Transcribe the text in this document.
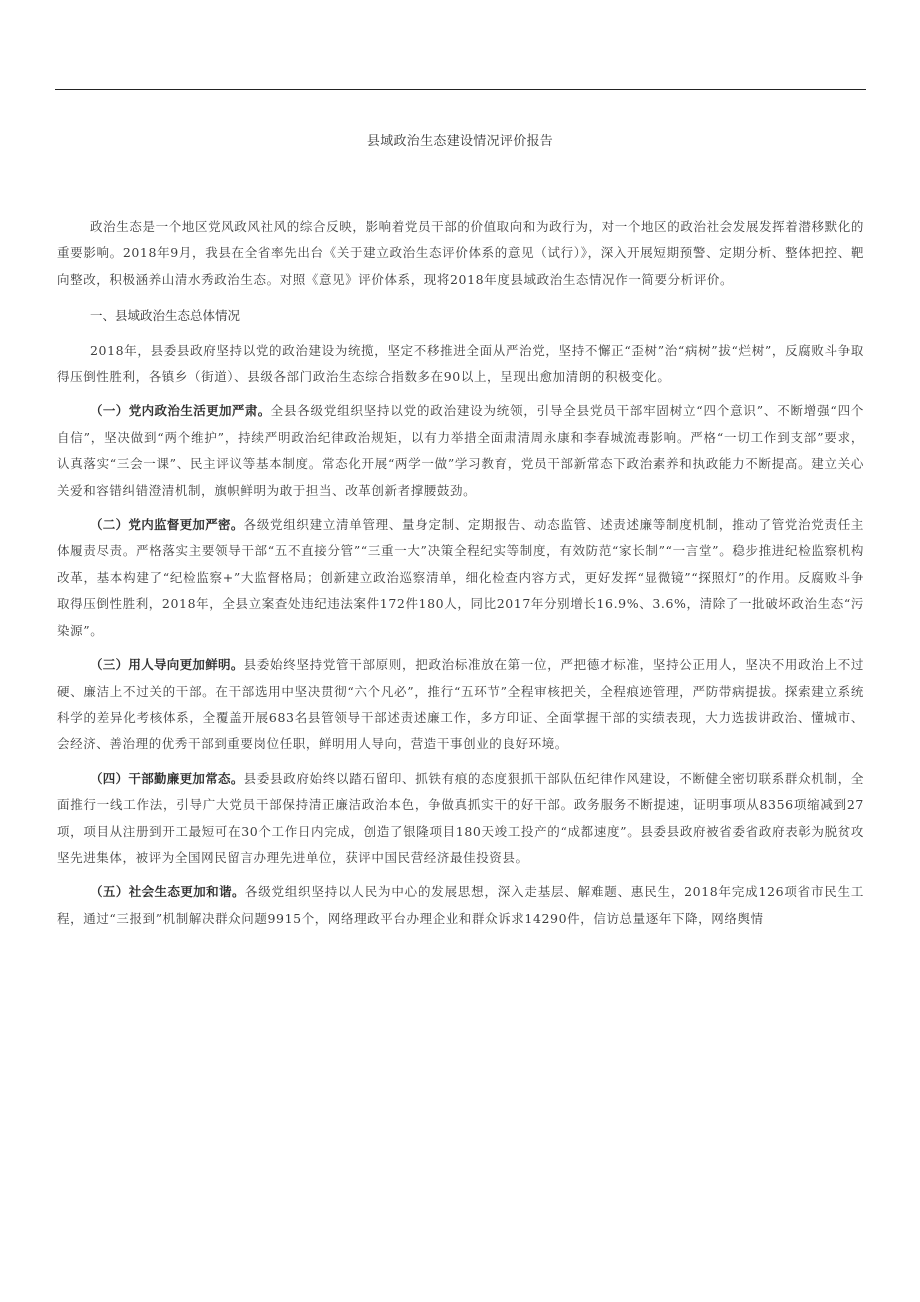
县域政治生态建设情况评价报告

政治生态是一个地区党风政风社风的综合反映，影响着党员干部的价值取向和为政行为，对一个地区的政治社会发展发挥着潜移默化的重要影响。2018年9月，我县在全省率先出台《关于建立政治生态评价体系的意见（试行）》，深入开展短期预警、定期分析、整体把控、靶向整改，积极涵养山清水秀政治生态。对照《意见》评价体系，现将2018年度县域政治生态情况作一简要分析评价。

一、县域政治生态总体情况

2018年，县委县政府坚持以党的政治建设为统揽，坚定不移推进全面从严治党，坚持不懈正“歪树”治“病树”拔“烂树”，反腐败斗争取得压倒性胜利，各镇乡（街道）、县级各部门政治生态综合指数多在90以上，呈现出愈加清朗的积极变化。

（一）党内政治生活更加严肃。全县各级党组织坚持以党的政治建设为统领，引导全县党员干部牢固树立“四个意识”、不断增强“四个自信”，坚决做到“两个维护”，持续严明政治纪律政治规矩，以有力举措全面肃清周永康和李春城流毒影响。严格“一切工作到支部”要求，认真落实“三会一课”、民主评议等基本制度。常态化开展“两学一做”学习教育，党员干部新常态下政治素养和执政能力不断提高。建立关心关爱和容错纠错澄清机制，旗帜鲜明为敢于担当、改革创新者撑腰鼓劲。

（二）党内监督更加严密。各级党组织建立清单管理、量身定制、定期报告、动态监管、述责述廉等制度机制，推动了管党治党责任主体履责尽责。严格落实主要领导干部“五不直接分管”“三重一大”决策全程纪实等制度，有效防范“家长制”“一言堂”。稳步推进纪检监察机构改革，基本构建了“纪检监察+”大监督格局；创新建立政治巡察清单，细化检查内容方式，更好发挥“显微镜”“探照灯”的作用。反腐败斗争取得压倒性胜利，2018年，全县立案查处违纪违法案件172件180人，同比2017年分别增长16.9%、3.6%，清除了一批破坏政治生态“污染源”。

（三）用人导向更加鲜明。县委始终坚持党管干部原则，把政治标准放在第一位，严把德才标准，坚持公正用人，坚决不用政治上不过硬、廉洁上不过关的干部。在干部选用中坚决贯彻“六个凡必”，推行“五环节”全程审核把关，全程痕迹管理，严防带病提拔。探索建立系统科学的差异化考核体系，全覆盖开展683名县管领导干部述责述廉工作，多方印证、全面掌握干部的实绩表现，大力选拔讲政治、懂城市、会经济、善治理的优秀干部到重要岗位任职，鲜明用人导向，营造干事创业的良好环境。

（四）干部勤廉更加常态。县委县政府始终以踏石留印、抓铁有痕的态度狠抓干部队伍纪律作风建设，不断健全密切联系群众机制，全面推行一线工作法，引导广大党员干部保持清正廉洁政治本色，争做真抓实干的好干部。政务服务不断提速，证明事项从8356项缩减到27项，项目从注册到开工最短可在30个工作日内完成，创造了银隆项目180天竣工投产的“成都速度”。县委县政府被省委省政府表彰为脱贫攻坚先进集体，被评为全国网民留言办理先进单位，获评中国民营经济最佳投资县。

（五）社会生态更加和谐。各级党组织坚持以人民为中心的发展思想，深入走基层、解难题、惠民生，2018年完成126项省市民生工程，通过“三报到”机制解决群众问题9915个，网络理政平台办理企业和群众诉求14290件，信访总量逐年下降，网络舆情
